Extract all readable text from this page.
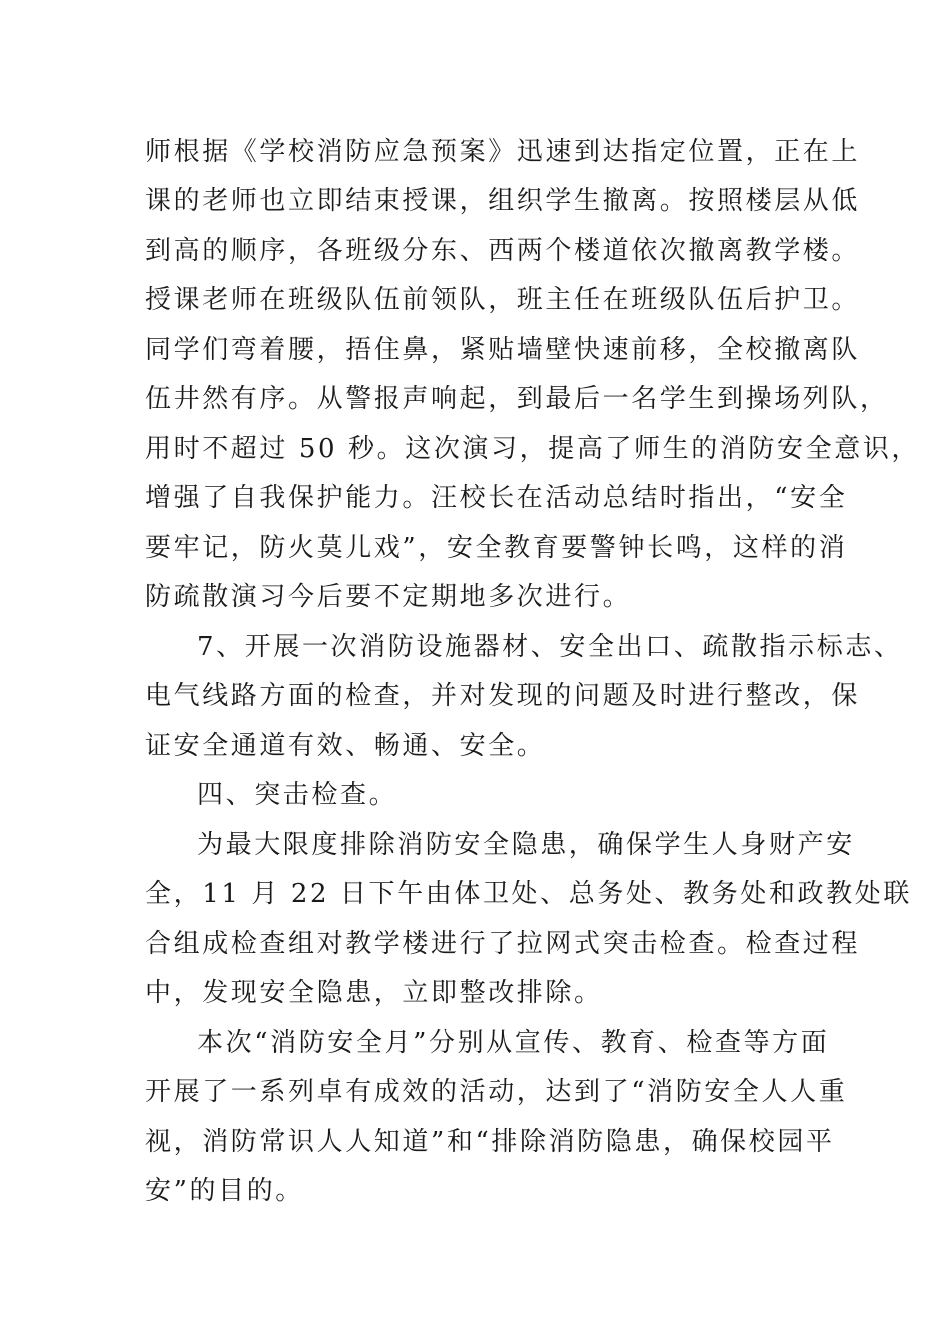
师根据《学校消防应急预案》迅速到达指定位置，正在上
课的老师也立即结束授课，组织学生撤离。按照楼层从低
到高的顺序，各班级分东、西两个楼道依次撤离教学楼。
授课老师在班级队伍前领队，班主任在班级队伍后护卫。
同学们弯着腰，捂住鼻，紧贴墙壁快速前移，全校撤离队
伍井然有序。从警报声响起，到最后一名学生到操场列队，
用时不超过 50 秒。这次演习，提高了师生的消防安全意识，
增强了自我保护能力。汪校长在活动总结时指出，“安全
要牢记，防火莫儿戏”，安全教育要警钟长鸣，这样的消
防疏散演习今后要不定期地多次进行。
7、开展一次消防设施器材、安全出口、疏散指示标志、
电气线路方面的检查，并对发现的问题及时进行整改，保
证安全通道有效、畅通、安全。
四、突击检查。
为最大限度排除消防安全隐患，确保学生人身财产安
全，11 月 22 日下午由体卫处、总务处、教务处和政教处联
合组成检查组对教学楼进行了拉网式突击检查。检查过程
中，发现安全隐患，立即整改排除。
本次“消防安全月”分别从宣传、教育、检查等方面
开展了一系列卓有成效的活动，达到了“消防安全人人重
视，消防常识人人知道”和“排除消防隐患，确保校园平
安”的目的。
